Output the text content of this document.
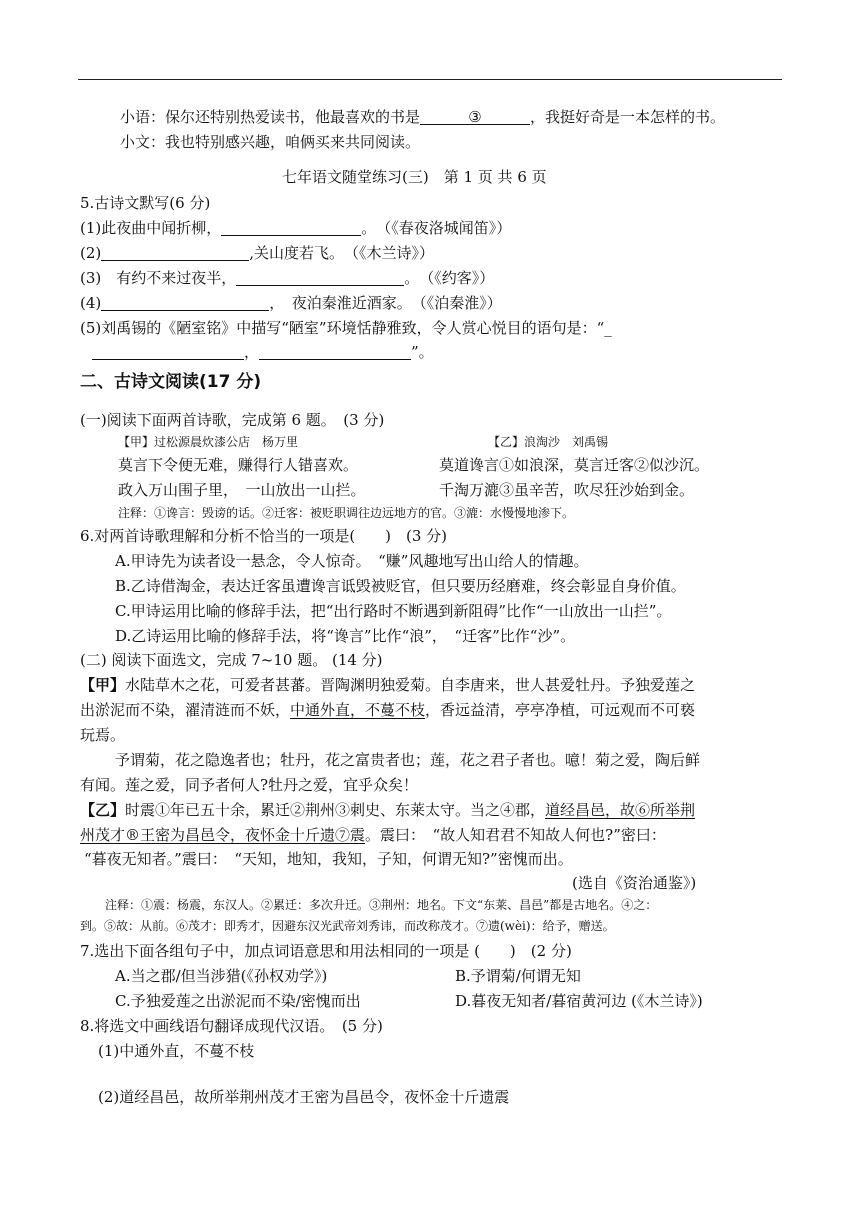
小语：保尔还特别热爱读书，他最喜欢的书是	③	，我挺好奇是一本怎样的书。
小文：我也特别感兴趣，咱俩买来共同阅读。
七年语文随堂练习(三)　第 1 页 共 6 页
5.古诗文默写(6 分)
(1)此夜曲中闻折柳，	。　（《春夜洛城闻笛》）
(2)	,关山度若飞。　（《木兰诗》）
(3)　有约不来过夜半，	。　（《约客》）
(4)	，　夜泊秦淮近酒家。　（《泊秦淮》）
(5)刘禹锡的《陋室铭》中描写“陋室”环境恬静雅致，令人赏心悦目的语句是：“_
，	”。
二、古诗文阅读(17 分)
(一)阅读下面两首诗歌，完成第 6 题。　(3 分)
【甲】过松源晨炊漆公店　杨万里	【乙】浪淘沙　刘禹锡
莫言下令便无难，赚得行人错喜欢。	莫道谗言①如浪深，莫言迁客②似沙沉。
政入万山围子里，　一山放出一山拦。	千淘万漉③虽辛苦，吹尽狂沙始到金。
注释：①谗言：毁谤的话。②迁客：被贬职调往边远地方的官。③漉：水慢慢地渗下。
6.对两首诗歌理解和分析不恰当的一项是(　　)　(3 分)
A.甲诗先为读者设一悬念，令人惊奇。　“赚”风趣地写出山给人的情趣。
B.乙诗借淘金，表达迁客虽遭谗言诋毁被贬官，但只要历经磨难，终会彰显自身价值。
C.甲诗运用比喻的修辞手法，把“出行路时不断遇到新阻碍”比作“一山放出一山拦”。
D.乙诗运用比喻的修辞手法，将“谗言”比作“浪”，　“迁客”比作“沙”。
(二) 阅读下面选文，完成 7~10 题。 (14 分)
【甲】水陆草木之花，可爱者甚蕃。晋陶渊明独爱菊。自李唐来，世人甚爱牡丹。予独爱莲之
出淤泥而不染，濯清涟而不妖，中通外直，不蔓不枝，香远益清，亭亭净植，可远观而不可亵
玩焉。
予谓菊，花之隐逸者也；牡丹，花之富贵者也；莲，花之君子者也。噫！菊之爱，陶后鲜
有闻。莲之爱，同予者何人?牡丹之爱，宜乎众矣！
【乙】时震①年已五十余，累迁②荆州③刺史、东莱太守。当之④郡，道经昌邑，故⑥所举荆
州茂才®王密为昌邑令，夜怀金十斤遗⑦震。震曰：　“故人知君君不知故人何也?”密曰：
“暮夜无知者。”震曰：　“天知，地知，我知，子知，何谓无知?”密愧而出。
(选自《资治通鉴》)
注释：①震：杨震，东汉人。②累迁：多次升迁。③荆州：地名。下文“东莱、昌邑”都是古地名。④之：
到。⑤故：从前。⑥茂才：即秀才，因避东汉光武帝刘秀讳，而改称茂才。⑦遗(wèi)：给予，赠送。
7.选出下面各组句子中，加点词语意思和用法相同的一项是 (　　)　(2 分)
A.当之郡/但当涉猎(《孙权劝学》)	B.予谓菊/何谓无知
C.予独爱莲之出淤泥而不染/密愧而出	D.暮夜无知者/暮宿黄河边 (《木兰诗》)
8.将选文中画线语句翻译成现代汉语。　(5 分)
(1)中通外直，不蔓不枝
(2)道经昌邑，故所举荆州茂才王密为昌邑令，夜怀金十斤遗震
